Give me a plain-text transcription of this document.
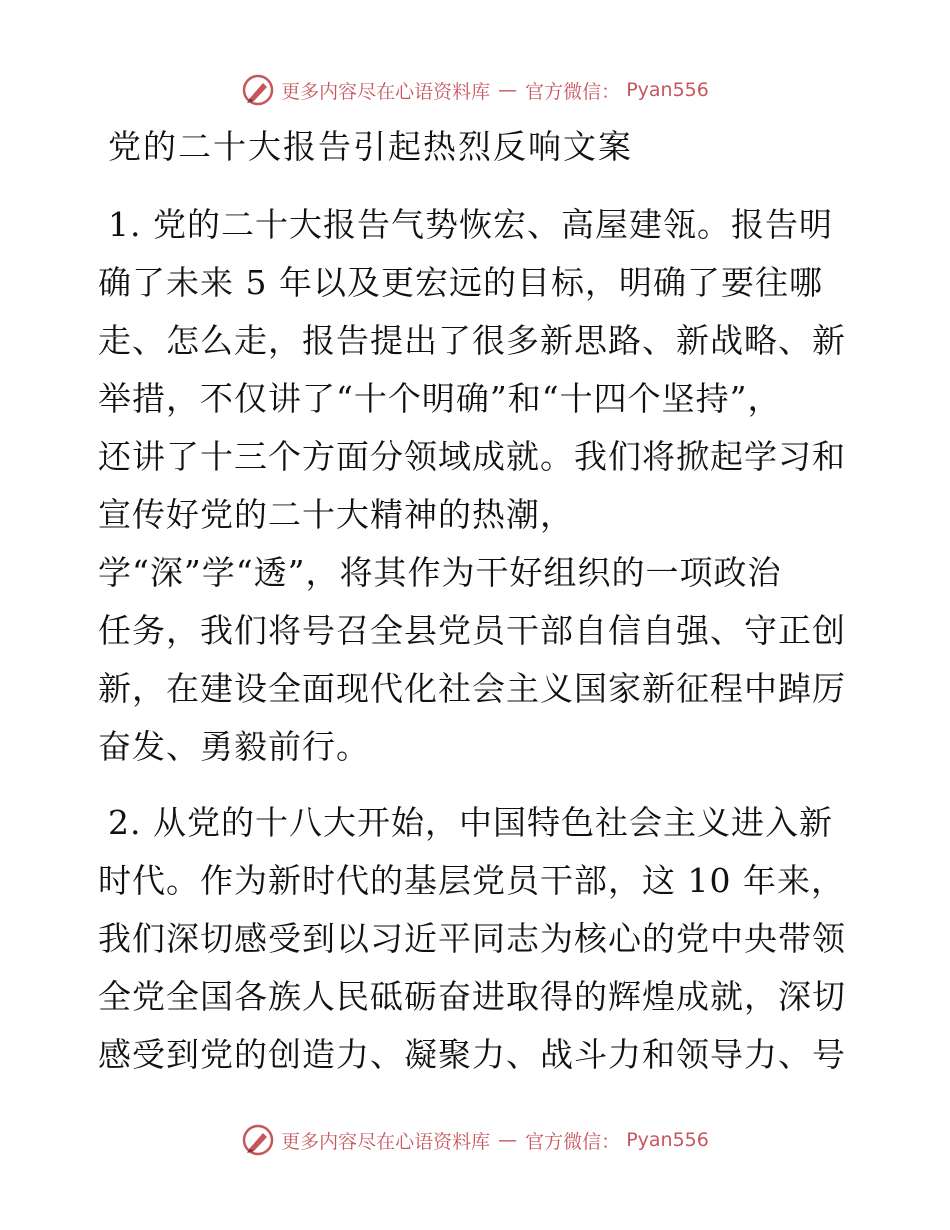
更多内容尽在心语资料库 — 官方微信： Pyan556
党的二十大报告引起热烈反响文案
1. 党的二十大报告气势恢宏、高屋建瓴。报告明
确了未来 5 年以及更宏远的目标，明确了要往哪
走、怎么走，报告提出了很多新思路、新战略、新
举措，不仅讲了“十个明确”和“十四个坚持”，
还讲了十三个方面分领域成就。我们将掀起学习和
宣传好党的二十大精神的热潮，
学“深”学“透”，将其作为干好组织的一项政治
任务，我们将号召全县党员干部自信自强、守正创
新，在建设全面现代化社会主义国家新征程中踔厉
奋发、勇毅前行。
2. 从党的十八大开始，中国特色社会主义进入新
时代。作为新时代的基层党员干部，这 10 年来，
我们深切感受到以习近平同志为核心的党中央带领
全党全国各族人民砥砺奋进取得的辉煌成就，深切
感受到党的创造力、凝聚力、战斗力和领导力、号
更多内容尽在心语资料库 — 官方微信： Pyan556
